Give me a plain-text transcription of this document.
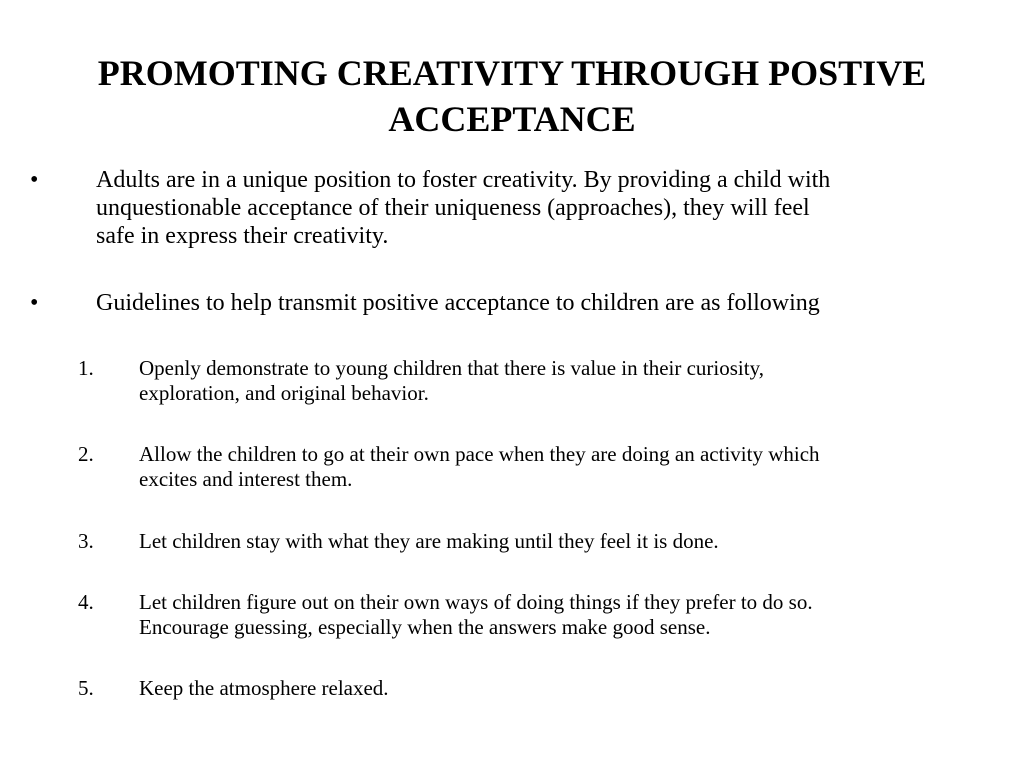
PROMOTING CREATIVITY THROUGH POSTIVE
ACCEPTANCE
• Adults are in a unique position to foster creativity. By providing a child with
unquestionable acceptance of their uniqueness (approaches), they will feel
safe in express their creativity.
• Guidelines to help transmit positive acceptance to children are as following
1. Openly demonstrate to young children that there is value in their curiosity,
exploration, and original behavior.
2. Allow the children to go at their own pace when they are doing an activity which
excites and interest them.
3. Let children stay with what they are making until they feel it is done.
4. Let children figure out on their own ways of doing things if they prefer to do so.
Encourage guessing, especially when the answers make good sense.
5. Keep the atmosphere relaxed.
